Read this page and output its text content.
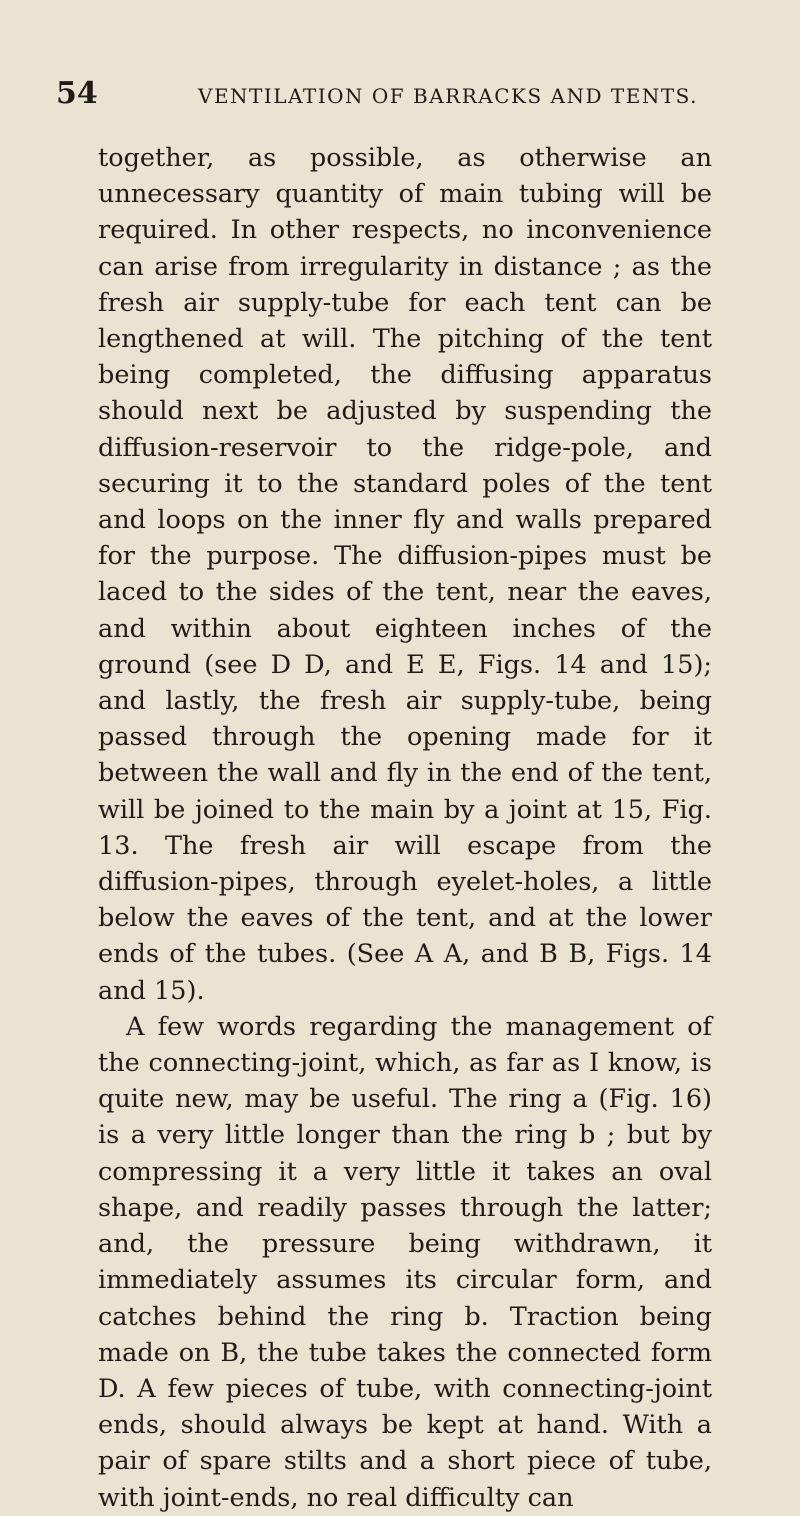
54	VENTILATION OF BARRACKS AND TENTS.

together, as possible, as otherwise an unnecessary quantity of main tubing will be required. In other respects, no inconvenience can arise from irregularity in distance ; as the fresh air supply-tube for each tent can be lengthened at will. The pitching of the tent being completed, the diffusing apparatus should next be adjusted by suspending the diffusion-reservoir to the ridge-pole, and securing it to the standard poles of the tent and loops on the inner fly and walls prepared for the purpose. The diffusion-pipes must be laced to the sides of the tent, near the eaves, and within about eighteen inches of the ground (see D D, and E E, Figs. 14 and 15); and lastly, the fresh air supply-tube, being passed through the opening made for it between the wall and fly in the end of the tent, will be joined to the main by a joint at 15, Fig. 13. The fresh air will escape from the diffusion-pipes, through eyelet-holes, a little below the eaves of the tent, and at the lower ends of the tubes. (See A A, and B B, Figs. 14 and 15).

A few words regarding the management of the connecting-joint, which, as far as I know, is quite new, may be useful. The ring a (Fig. 16) is a very little longer than the ring b ; but by compressing it a very little it takes an oval shape, and readily passes through the latter; and, the pressure being withdrawn, it immediately assumes its circular form, and catches behind the ring b. Traction being made on B, the tube takes the connected form D. A few pieces of tube, with connecting-joint ends, should always be kept at hand. With a pair of spare stilts and a short piece of tube, with joint-ends, no real difficulty can
